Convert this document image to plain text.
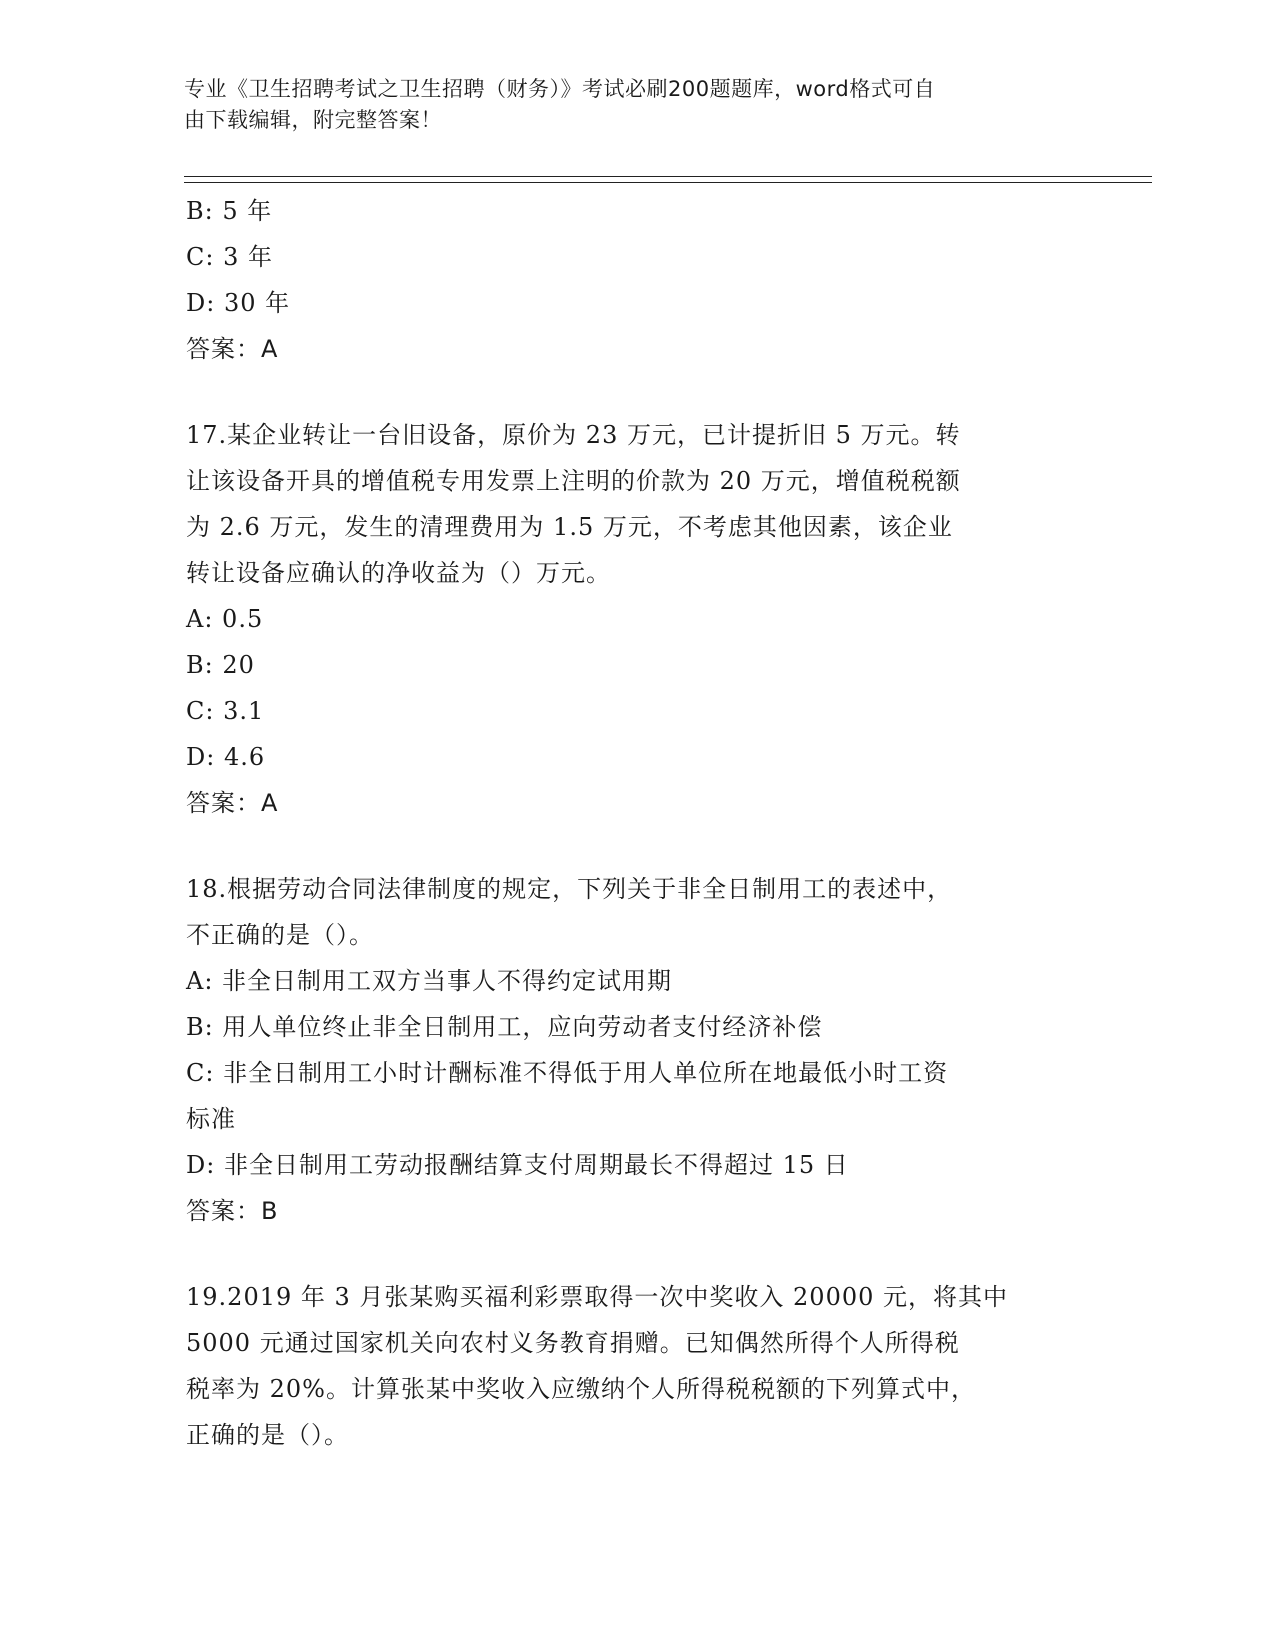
专业《卫生招聘考试之卫生招聘（财务）》考试必刷200题题库，word格式可自
由下载编辑，附完整答案！
B: 5 年
C: 3 年
D: 30 年
答案：A
17.某企业转让一台旧设备，原价为 23 万元，已计提折旧 5 万元。转
让该设备开具的增值税专用发票上注明的价款为 20 万元，增值税税额
为 2.6 万元，发生的清理费用为 1.5 万元，不考虑其他因素，该企业
转让设备应确认的净收益为（）万元。
A: 0.5
B: 20
C: 3.1
D: 4.6
答案：A
18.根据劳动合同法律制度的规定，下列关于非全日制用工的表述中，
不正确的是（）。
A: 非全日制用工双方当事人不得约定试用期
B: 用人单位终止非全日制用工，应向劳动者支付经济补偿
C: 非全日制用工小时计酬标准不得低于用人单位所在地最低小时工资
标准
D: 非全日制用工劳动报酬结算支付周期最长不得超过 15 日
答案：B
19.2019 年 3 月张某购买福利彩票取得一次中奖收入 20000 元，将其中
5000 元通过国家机关向农村义务教育捐赠。已知偶然所得个人所得税
税率为 20%。计算张某中奖收入应缴纳个人所得税税额的下列算式中，
正确的是（）。
